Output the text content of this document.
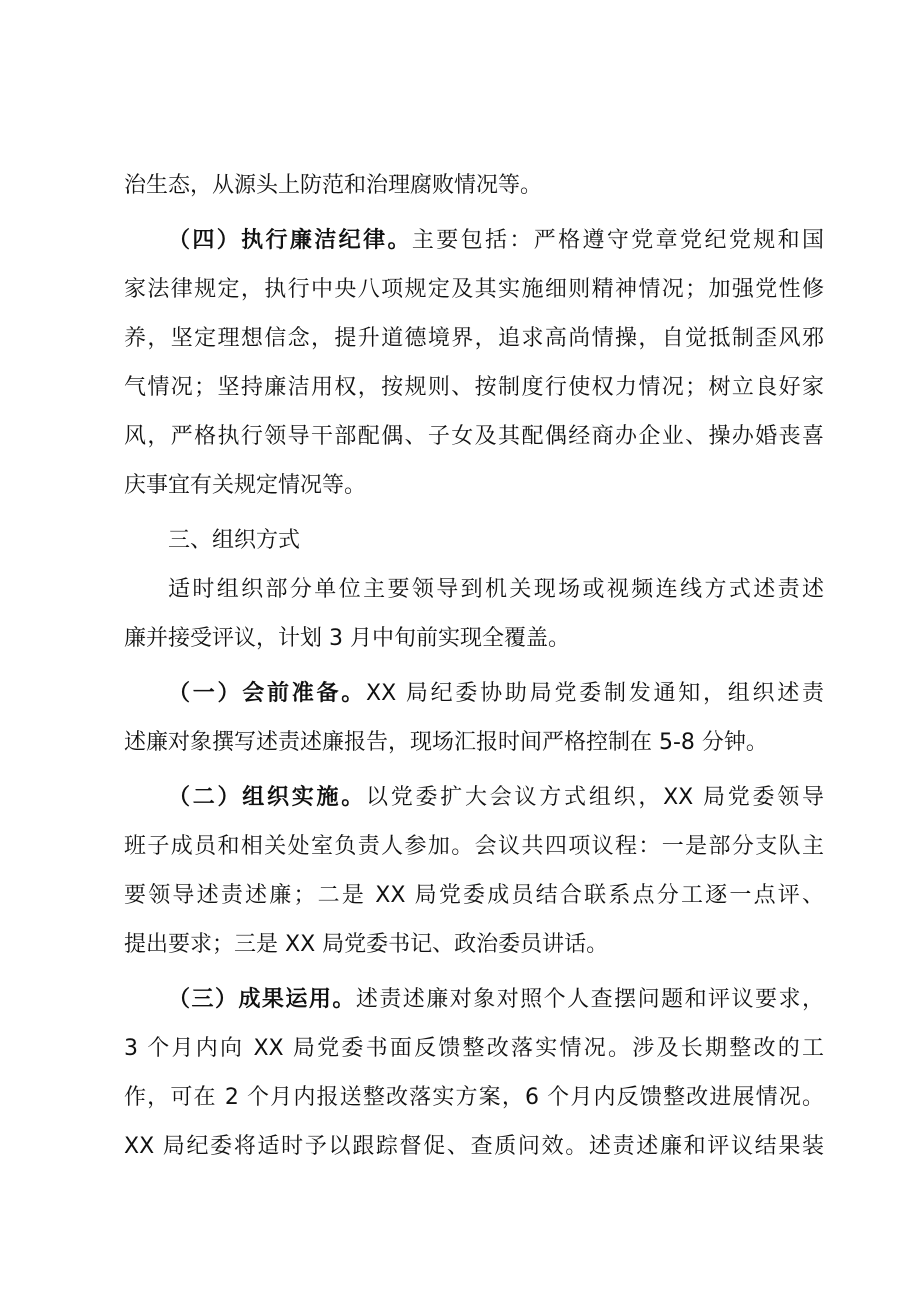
治生态，从源头上防范和治理腐败情况等。
（四）执行廉洁纪律。主要包括：严格遵守党章党纪党规和国
家法律规定，执行中央八项规定及其实施细则精神情况；加强党性修
养，坚定理想信念，提升道德境界，追求高尚情操，自觉抵制歪风邪
气情况；坚持廉洁用权，按规则、按制度行使权力情况；树立良好家
风，严格执行领导干部配偶、子女及其配偶经商办企业、操办婚丧喜
庆事宜有关规定情况等。
三、组织方式
适时组织部分单位主要领导到机关现场或视频连线方式述责述
廉并接受评议，计划 3 月中旬前实现全覆盖。
（一）会前准备。XX 局纪委协助局党委制发通知，组织述责
述廉对象撰写述责述廉报告，现场汇报时间严格控制在 5-8 分钟。
（二）组织实施。以党委扩大会议方式组织，XX 局党委领导
班子成员和相关处室负责人参加。会议共四项议程：一是部分支队主
要领导述责述廉；二是 XX 局党委成员结合联系点分工逐一点评、
提出要求；三是 XX 局党委书记、政治委员讲话。
（三）成果运用。述责述廉对象对照个人查摆问题和评议要求，
3 个月内向 XX 局党委书面反馈整改落实情况。涉及长期整改的工
作，可在 2 个月内报送整改落实方案，6 个月内反馈整改进展情况。
XX 局纪委将适时予以跟踪督促、查质问效。述责述廉和评议结果装
